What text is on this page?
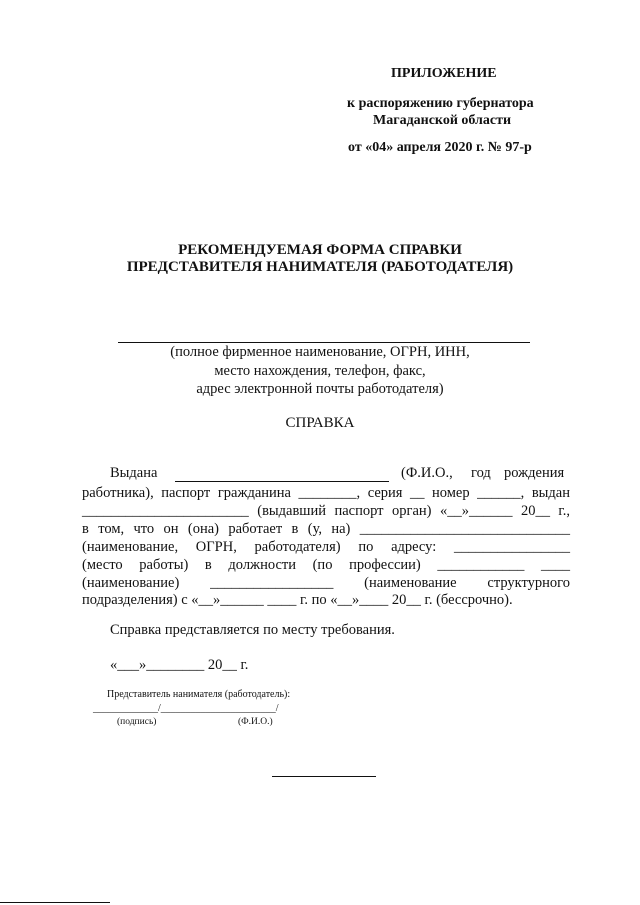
ПРИЛОЖЕНИЕ
к распоряжению губернатора
Магаданской области
от «04» апреля 2020 г. № 97-р
РЕКОМЕНДУЕМАЯ ФОРМА СПРАВКИ
ПРЕДСТАВИТЕЛЯ НАНИМАТЕЛЯ (РАБОТОДАТЕЛЯ)
(полное фирменное наименование, ОГРН, ИНН,
место нахождения, телефон, факс,
адрес электронной почты работодателя)
СПРАВКА
Выдана	(Ф.И.О., год рождения
работника), паспорт гражданина ________, серия __ номер ______, выдан
_______________________ (выдавший паспорт орган) «__»______ 20__ г.,
в том, что он (она) работает в (у, на) _____________________________
(наименование, ОГРН, работодателя) по адресу: ________________
(место работы) в должности (по профессии) ____________ ____
(наименование) _________________ (наименование структурного
подразделения) с «__»______ ____ г. по «__»____ 20__ г. (бессрочно).
Справка представляется по месту требования.
«___»________ 20__ г.
Представитель нанимателя (работодатель):
_____________/_______________________/
(подпись)	(Ф.И.О.)
